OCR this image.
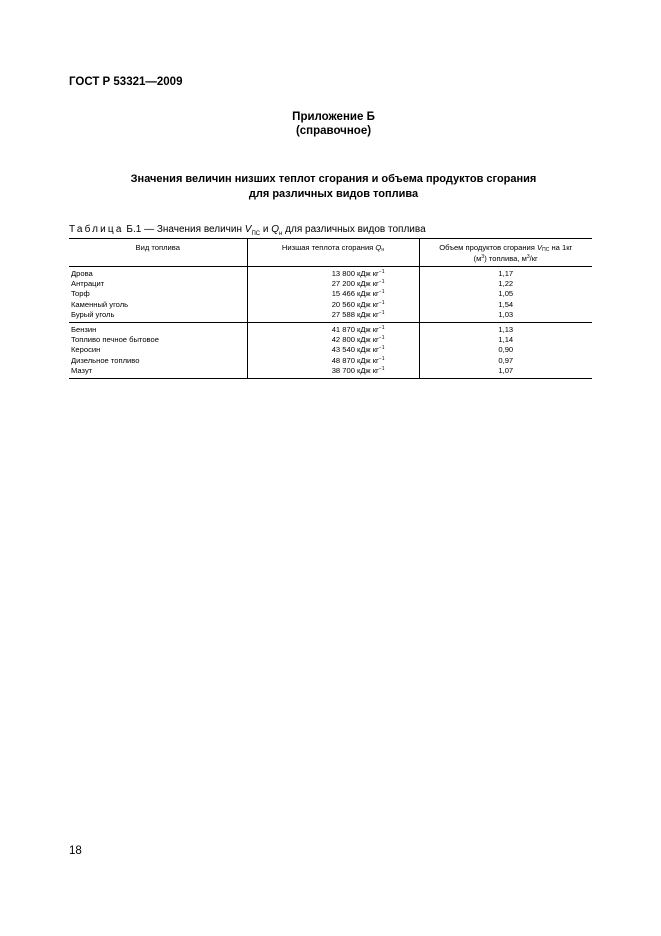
ГОСТ Р 53321—2009
Приложение Б
(справочное)
Значения величин низших теплот сгорания и объема продуктов сгорания
для различных видов топлива
Таблица Б.1 — Значения величин $V_{ПС}$ и $Q_н$ для различных видов топлива
Вид топлива	Низшая теплота сгорания $Q_н$	Объем продуктов сгорания $V_{ПС}$ на 1кг
$(м^3)$ топлива, $м^3/кг$
Дрова	13 800 кДж $кг^{-1}$	1,17
Антрацит	27 200 кДж $кг^{-1}$	1,22
Торф	15 466 кДж $кг^{-1}$	1,05
Каменный уголь	20 560 кДж $кг^{-1}$	1,54
Бурый уголь	27 588 кДж $кг^{-1}$	1,03
Бензин	41 870 кДж $кг^{-1}$	1,13
Топливо печное бытовое	42 800 кДж $кг^{-1}$	1,14
Керосин	43 540 кДж $кг^{-1}$	0,90
Дизельное топливо	48 870 кДж $кг^{-1}$	0,97
Мазут	38 700 кДж $кг^{-1}$	1,07
18
